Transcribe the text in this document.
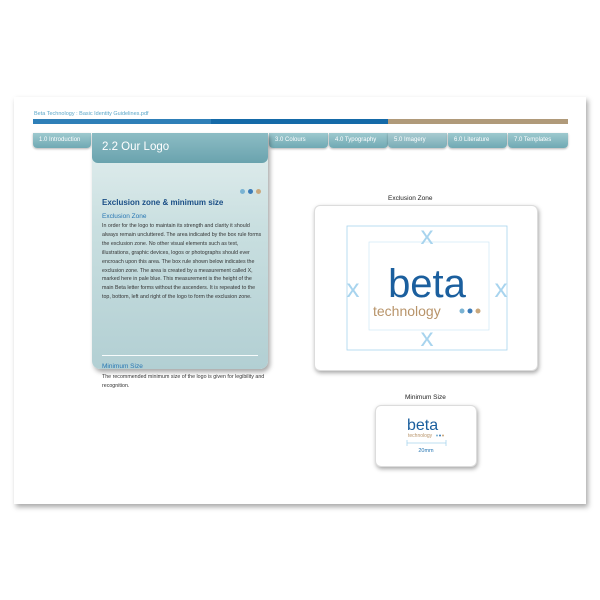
Beta Technology : Basic Identity Guidelines.pdf
1.0 Introduction	3.0 Colours	4.0 Typography	5.0 Imagery	6.0 Literature	7.0 Templates
2.2 Our Logo
Exclusion zone & minimum size
Exclusion Zone
In order for the logo to maintain its strength and clarity it should always remain uncluttered. The area indicated by the box rule forms the exclusion zone. No other visual elements such as text, illustrations, graphic devices, logos or photographs should ever encroach upon this area. The box rule shown below indicates the exclusion zone. The area is created by a measurement called X, marked here in pale blue. This measurement is the height of the main Beta letter forms without the ascenders. It is repeated to the top, bottom, left and right of the logo to form the exclusion zone.
Minimum Size
The recommended minimum size of the logo is given for legibility and recognition.
Exclusion Zone
x
x	x
x
beta
technology
Minimum Size
beta
technology
20mm
